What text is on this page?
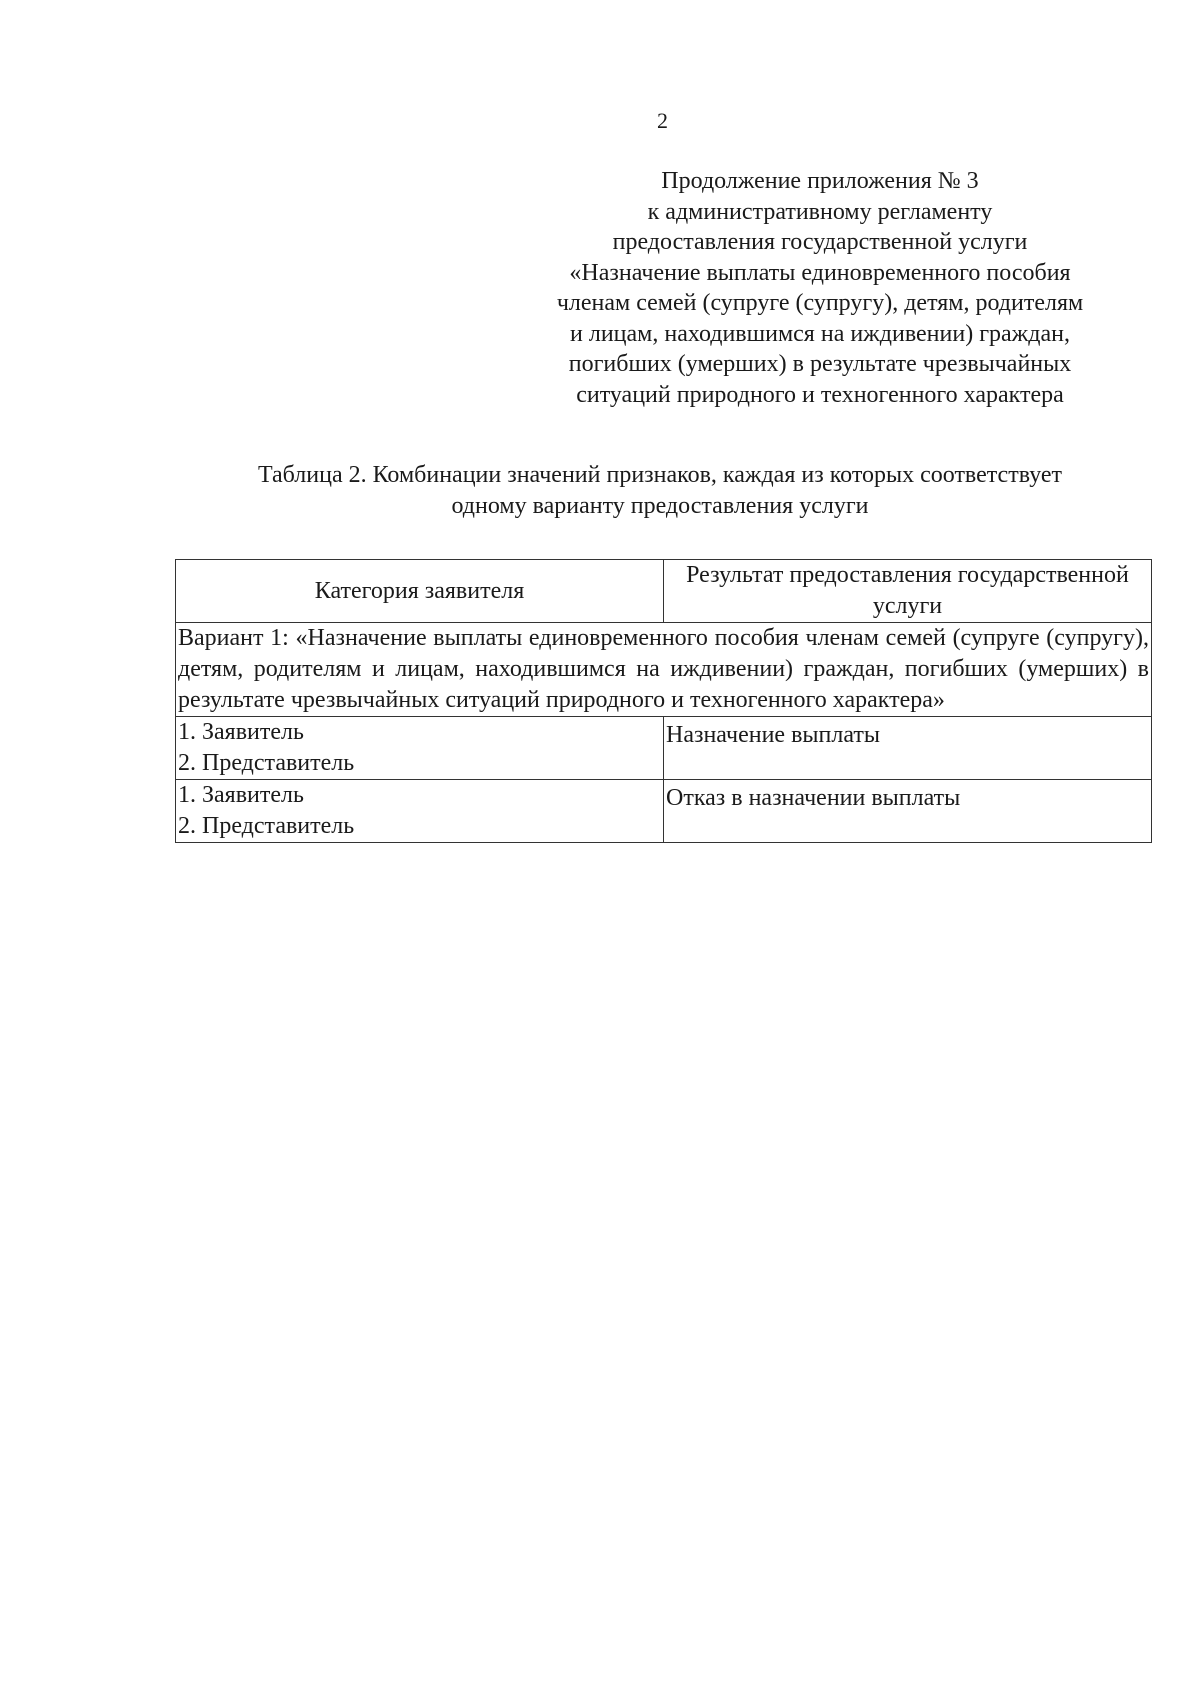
2
Продолжение приложения № 3
к административному регламенту
предоставления государственной услуги
«Назначение выплаты единовременного пособия
членам семей (супруге (супругу), детям, родителям
и лицам, находившимся на иждивении) граждан,
погибших (умерших) в результате чрезвычайных
ситуаций природного и техногенного характера
Таблица 2. Комбинации значений признаков, каждая из которых соответствует
одному варианту предоставления услуги
Категория заявителя	Результат предоставления государственной услуги
Вариант 1: «Назначение выплаты единовременного пособия членам семей (супруге (супругу), детям, родителям и лицам, находившимся на иждивении) граждан, погибших (умерших) в результате чрезвычайных ситуаций природного и техногенного характера»	

1. Заявитель
2. Представитель	Назначение выплаты

1. Заявитель
2. Представитель	Отказ в назначении выплаты
